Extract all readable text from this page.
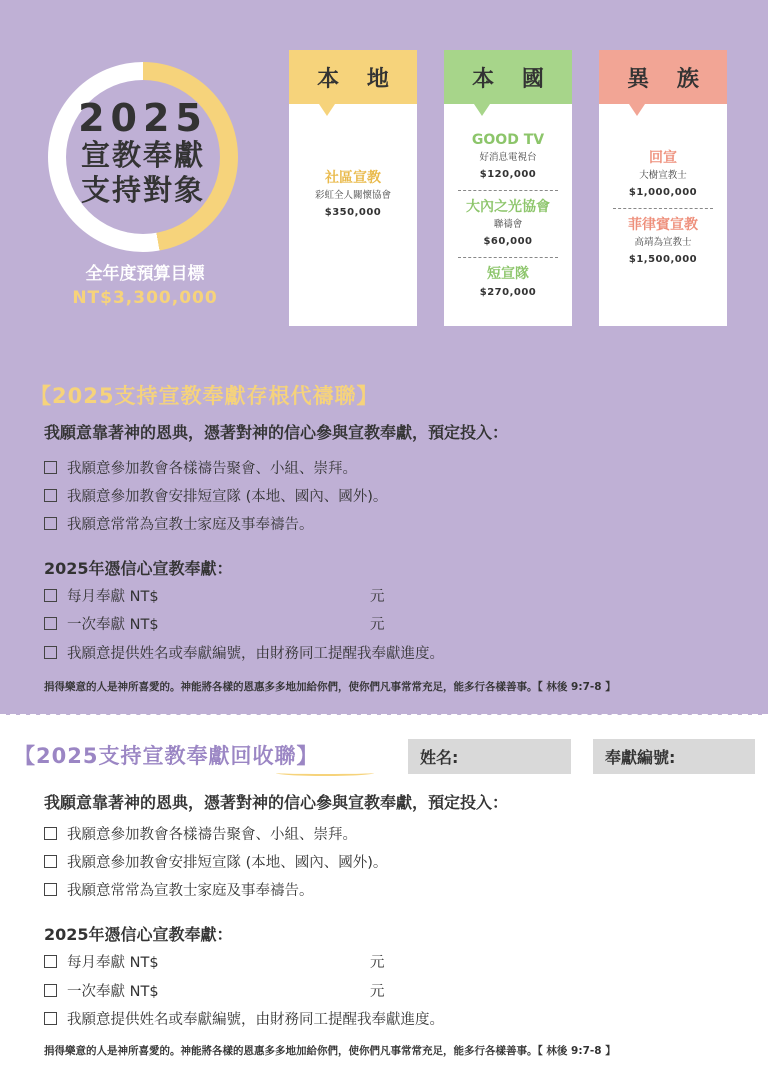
2025
宣教奉獻
支持對象
全年度預算目標
NT$3,300,000
本 地
社區宣教
彩虹全人關懷協會
$350,000
本 國
GOOD TV
好消息電視台
$120,000
大內之光協會
聯禱會
$60,000
短宣隊
$270,000
異 族
回宣
大樹宣教士
$1,000,000
菲律賓宣教
高靖為宣教士
$1,500,000
【2025支持宣教奉獻存根代禱聯】
我願意靠著神的恩典，憑著對神的信心參與宣教奉獻，預定投入：
我願意參加教會各樣禱告聚會、小組、崇拜。
我願意參加教會安排短宣隊 (本地、國內、國外)。
我願意常常為宣教士家庭及事奉禱告。
2025年憑信心宣教奉獻：
每月奉獻 NT$	元
一次奉獻 NT$	元
我願意提供姓名或奉獻編號，由財務同工提醒我奉獻進度。
捐得樂意的人是神所喜愛的。神能將各樣的恩惠多多地加給你們，使你們凡事常常充足，能多行各樣善事。【 林後 9:7-8 】
【2025支持宣教奉獻回收聯】	姓名:	奉獻編號:
我願意靠著神的恩典，憑著對神的信心參與宣教奉獻，預定投入：
我願意參加教會各樣禱告聚會、小組、崇拜。
我願意參加教會安排短宣隊 (本地、國內、國外)。
我願意常常為宣教士家庭及事奉禱告。
2025年憑信心宣教奉獻：
每月奉獻 NT$	元
一次奉獻 NT$	元
我願意提供姓名或奉獻編號，由財務同工提醒我奉獻進度。
捐得樂意的人是神所喜愛的。神能將各樣的恩惠多多地加給你們，使你們凡事常常充足，能多行各樣善事。【 林後 9:7-8 】
